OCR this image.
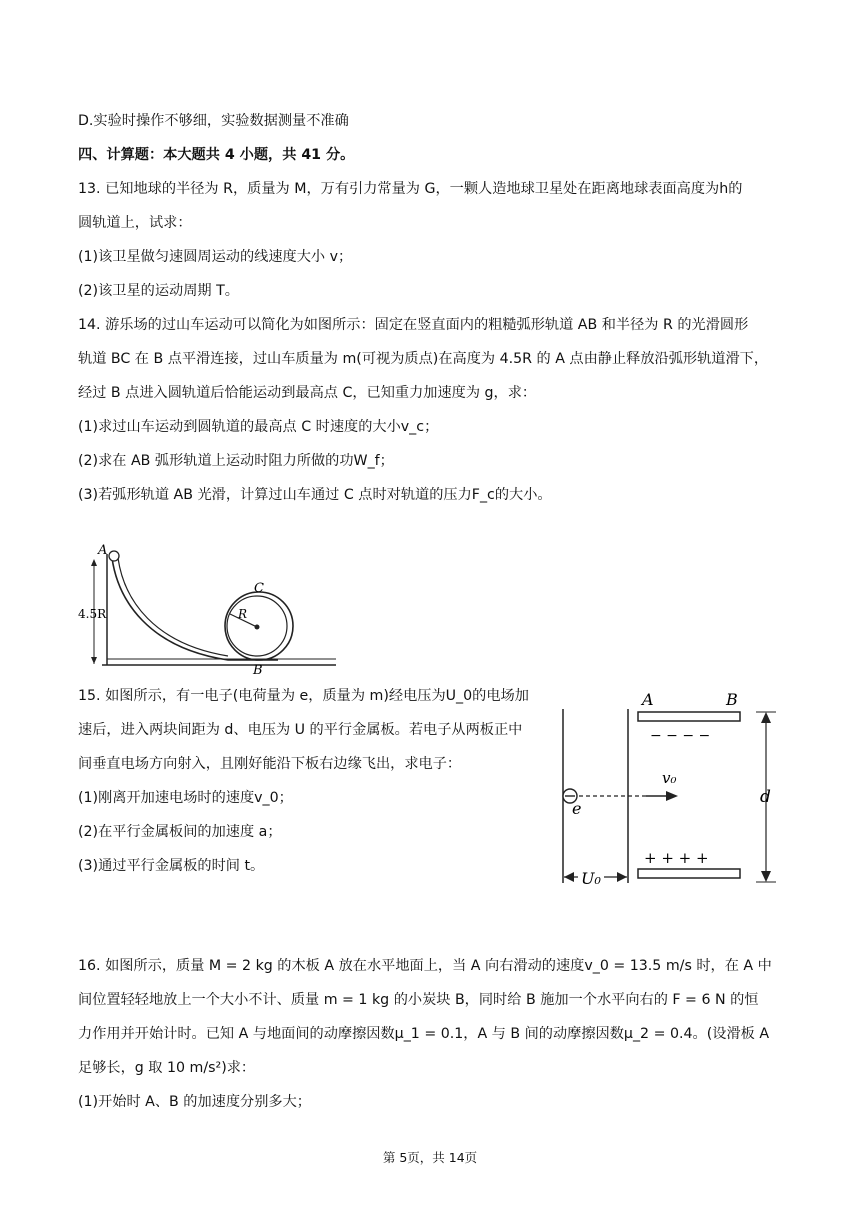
D.实验时操作不够细，实验数据测量不准确
四、计算题：本大题共 4 小题，共 41 分。
13. 已知地球的半径为 R，质量为 M，万有引力常量为 G，一颗人造地球卫星处在距离地球表面高度为h的
圆轨道上，试求：
(1)该卫星做匀速圆周运动的线速度大小 v；
(2)该卫星的运动周期 T。
14. 游乐场的过山车运动可以简化为如图所示：固定在竖直面内的粗糙弧形轨道 AB 和半径为 R 的光滑圆形
轨道 BC 在 B 点平滑连接，过山车质量为 m(可视为质点)在高度为 4.5R 的 A 点由静止释放沿弧形轨道滑下，
经过 B 点进入圆轨道后恰能运动到最高点 C，已知重力加速度为 g，求：
(1)求过山车运动到圆轨道的最高点 C 时速度的大小v_c；
(2)求在 AB 弧形轨道上运动时阻力所做的功W_f；
(3)若弧形轨道 AB 光滑，计算过山车通过 C 点时对轨道的压力F_c的大小。
A
4.5R
C
R
B
15. 如图所示，有一电子(电荷量为 e，质量为 m)经电压为U_0的电场加
速后，进入两块间距为 d、电压为 U 的平行金属板。若电子从两板正中
间垂直电场方向射入，且刚好能沿下板右边缘飞出，求电子：
(1)刚离开加速电场时的速度v_0；
(2)在平行金属板间的加速度 a；
(3)通过平行金属板的时间 t。
A	B
− − − −
+ + + +
e
v₀
d
U₀
16. 如图所示，质量 M = 2 kg 的木板 A 放在水平地面上，当 A 向右滑动的速度v_0 = 13.5 m/s 时，在 A 中
间位置轻轻地放上一个大小不计、质量 m = 1 kg 的小炭块 B，同时给 B 施加一个水平向右的 F = 6 N 的恒
力作用并开始计时。已知 A 与地面间的动摩擦因数μ_1 = 0.1，A 与 B 间的动摩擦因数μ_2 = 0.4。(设滑板 A
足够长，g 取 10 m/s²)求：
(1)开始时 A、B 的加速度分别多大；
第 5页，共 14页
